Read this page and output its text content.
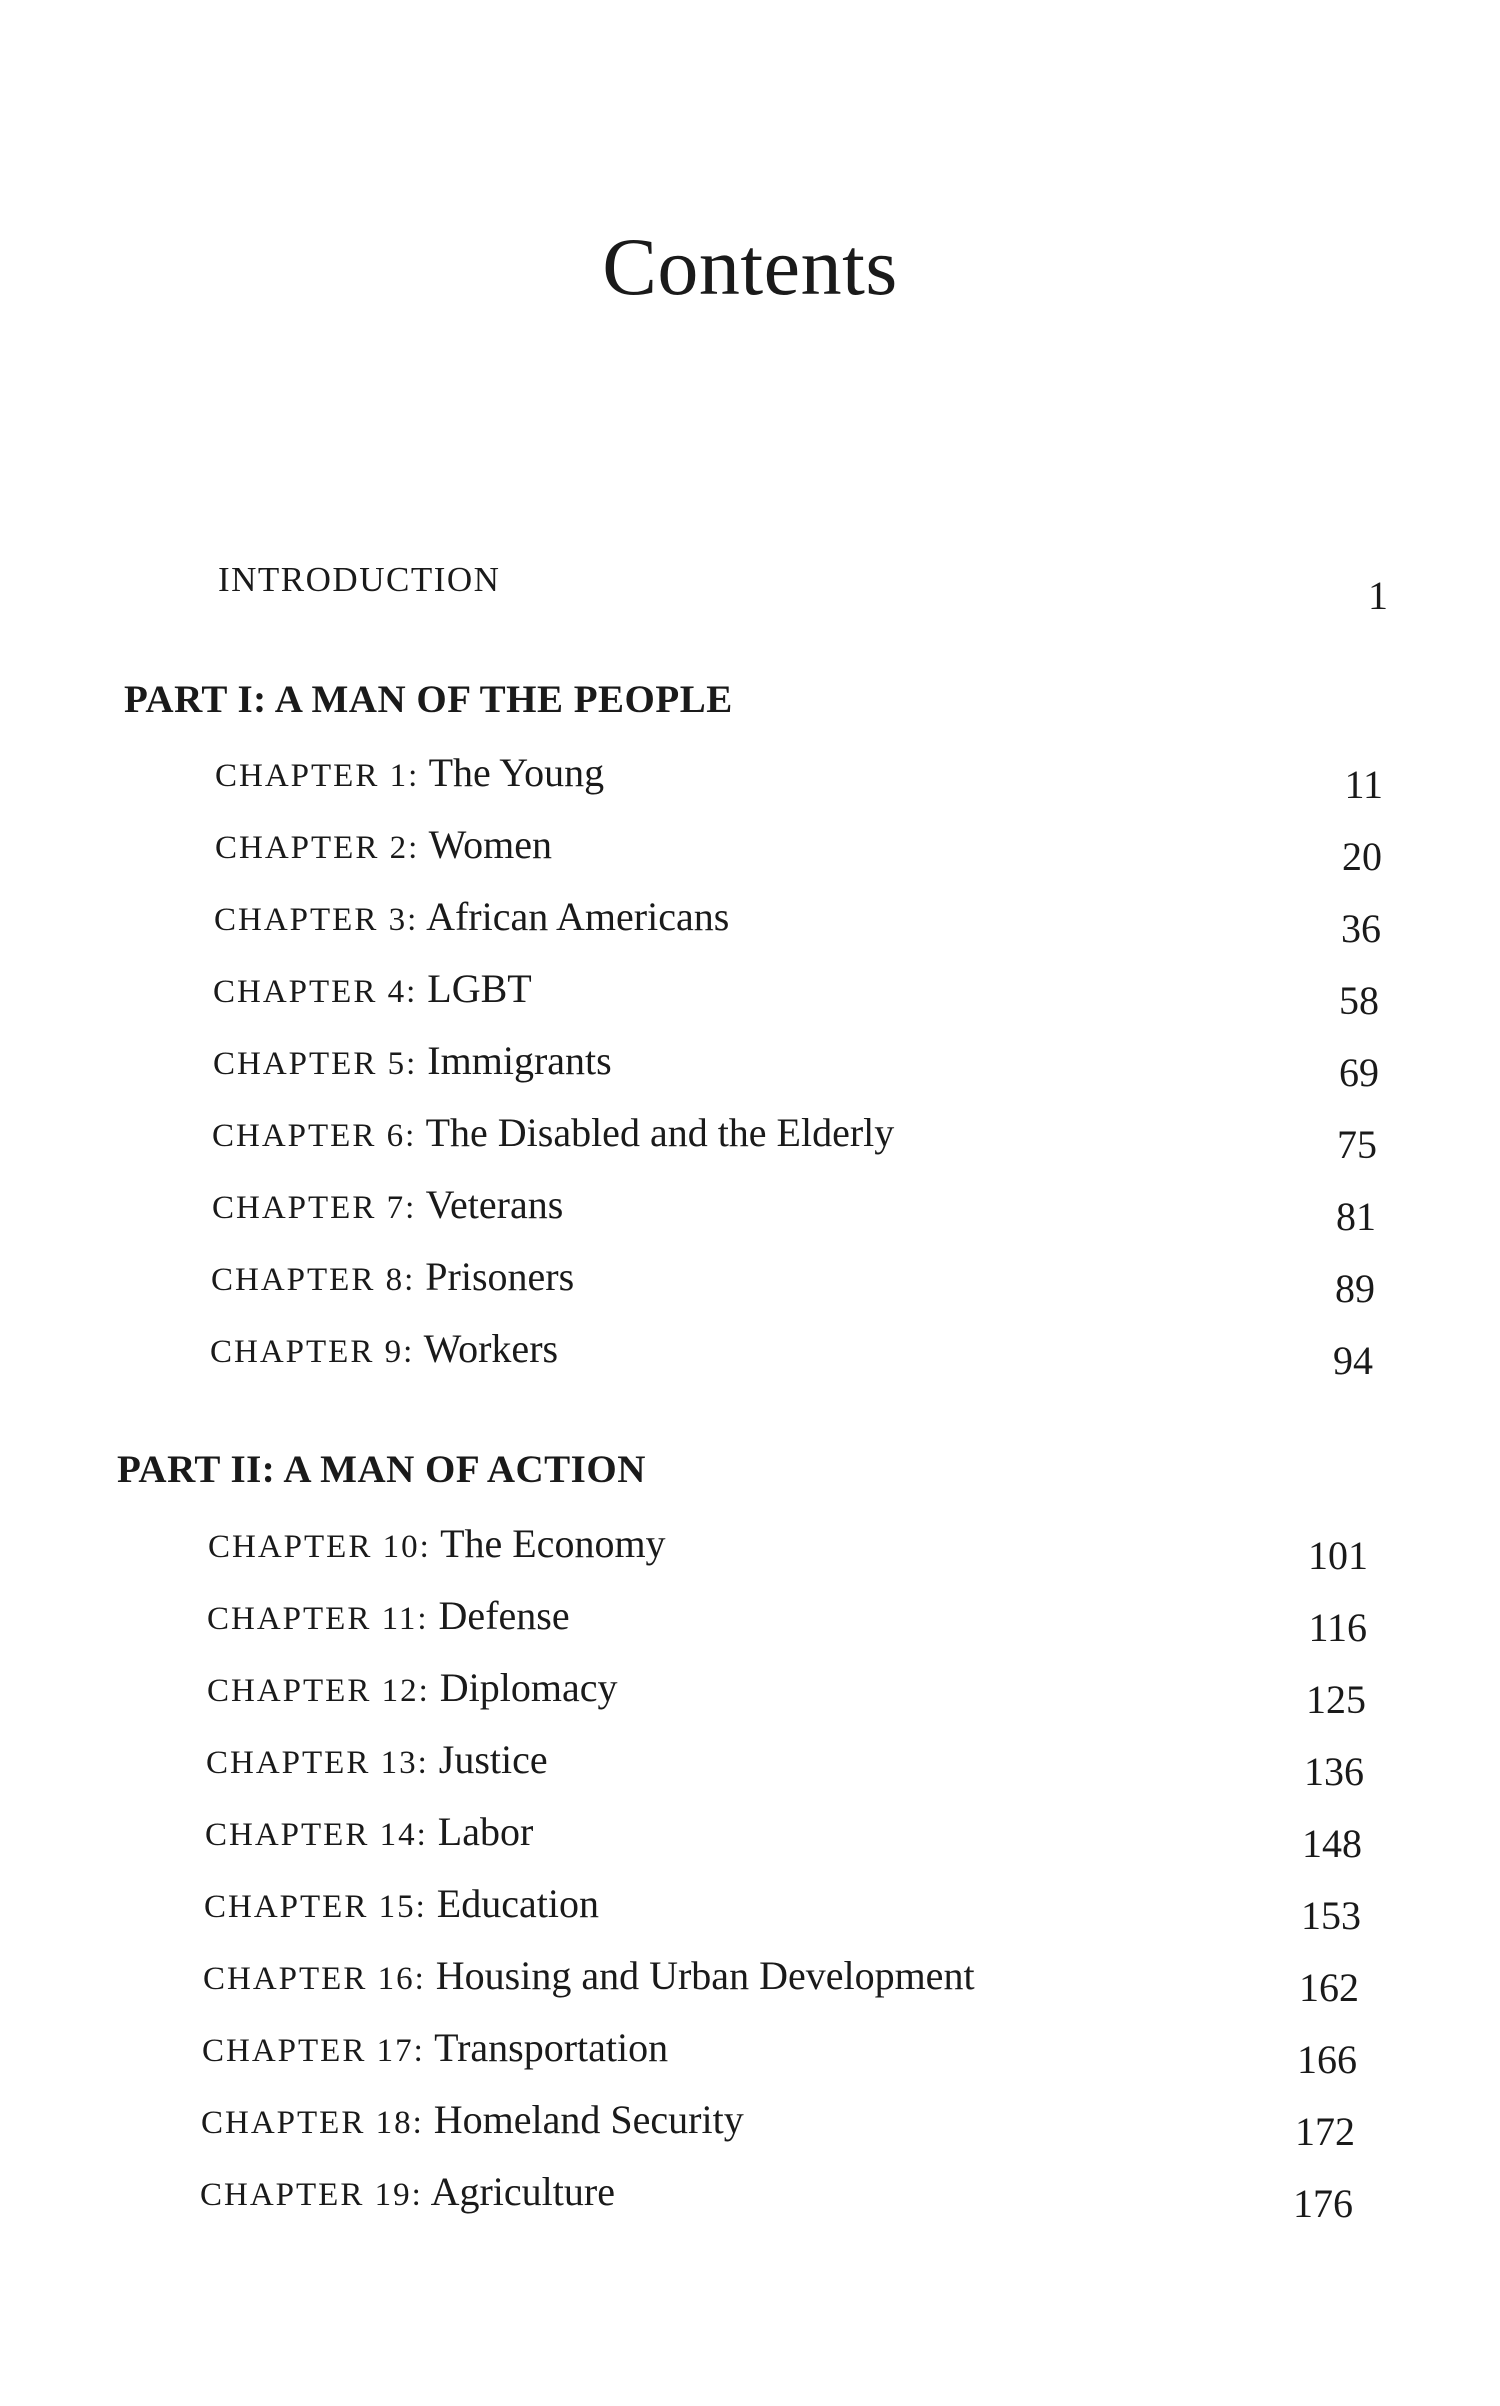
Contents
INTRODUCTION	1
PART I: A MAN OF THE PEOPLE
CHAPTER 1: The Young	11
CHAPTER 2: Women	20
CHAPTER 3: African Americans	36
CHAPTER 4: LGBT	58
CHAPTER 5: Immigrants	69
CHAPTER 6: The Disabled and the Elderly	75
CHAPTER 7: Veterans	81
CHAPTER 8: Prisoners	89
CHAPTER 9: Workers	94
PART II: A MAN OF ACTION
CHAPTER 10: The Economy	101
CHAPTER 11: Defense	116
CHAPTER 12: Diplomacy	125
CHAPTER 13: Justice	136
CHAPTER 14: Labor	148
CHAPTER 15: Education	153
CHAPTER 16: Housing and Urban Development	162
CHAPTER 17: Transportation	166
CHAPTER 18: Homeland Security	172
CHAPTER 19: Agriculture	176
